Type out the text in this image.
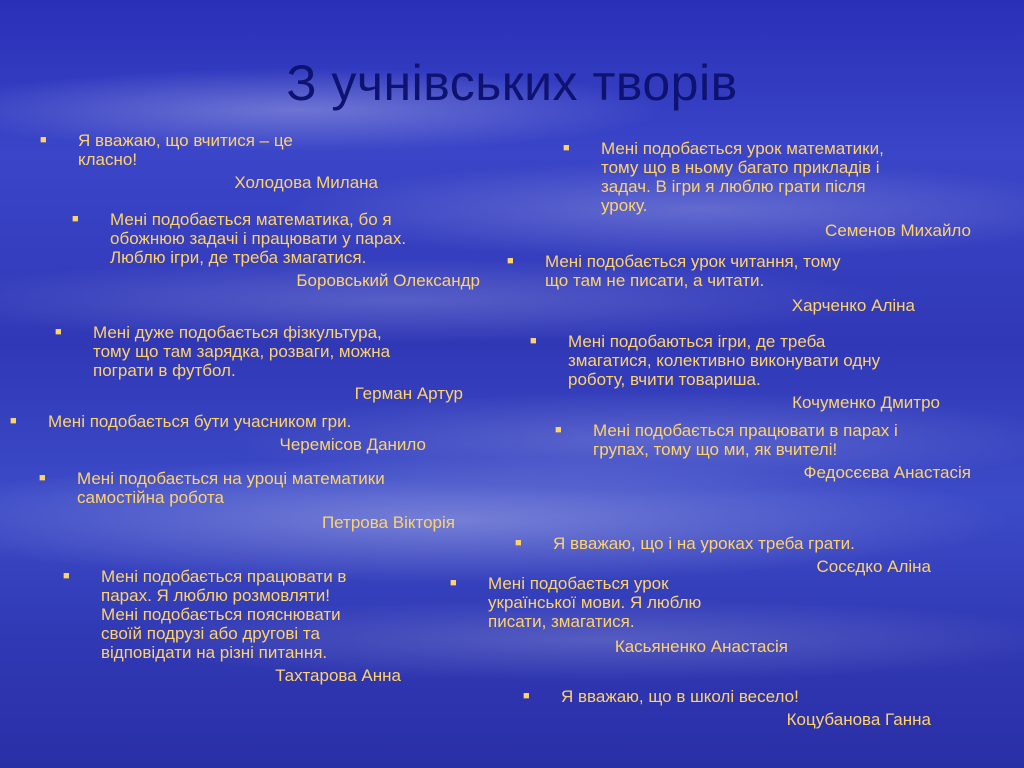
З учнівських творів
■	Я вважаю, що вчитися – це
класно!
Холодова Милана
■	Мені подобається математика, бо я
обожнюю задачі і працювати у парах.
Люблю ігри, де треба змагатися.
Боровський Олександр
■	Мені дуже подобається фізкультура,
тому що там зарядка, розваги, можна
пограти в футбол.
Герман Артур
■	Мені подобається бути учасником гри.
Черемісов Данило
■	Мені подобається на уроці математики
самостійна робота
Петрова Вікторія
■	Мені подобається працювати в
парах. Я люблю розмовляти!
Мені подобається пояснювати
своїй подрузі або другові та
відповідати на різні питання.
Тахтарова Анна
■	Мені подобається урок математики,
тому що в ньому багато прикладів і
задач. В ігри я люблю грати після
уроку.
Семенов Михайло
■	Мені подобається урок читання, тому
що там не писати, а читати.
Харченко Аліна
■	Мені подобаються ігри, де треба
змагатися, колективно виконувати одну
роботу, вчити товариша.
Кочуменко Дмитро
■	Мені подобається працювати в парах і
групах, тому що ми, як вчителі!
Федосєєва Анастасія
■	Я вважаю, що і на уроках треба грати.
Сосєдко Аліна
■	Мені подобається урок
української мови. Я люблю
писати, змагатися.
Касьяненко Анастасія
■	Я вважаю, що в школі весело!
Коцубанова Ганна
